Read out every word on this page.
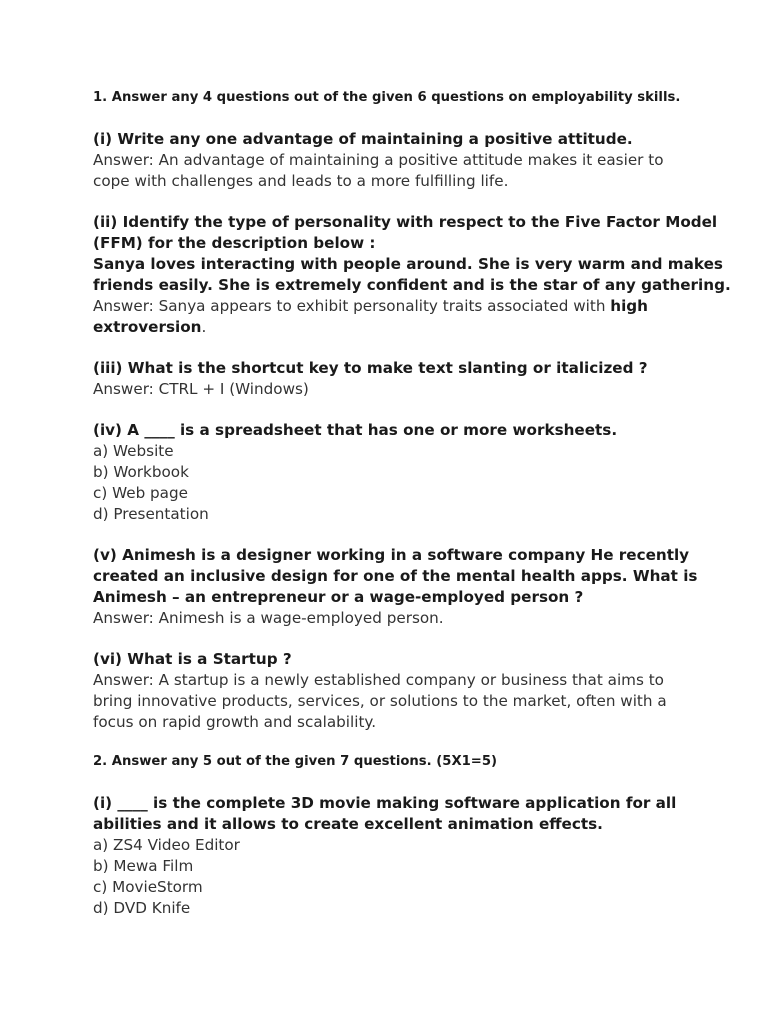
1. Answer any 4 questions out of the given 6 questions on employability skills.
(i) Write any one advantage of maintaining a positive attitude.
Answer: An advantage of maintaining a positive attitude makes it easier to
cope with challenges and leads to a more fulfilling life.
(ii) Identify the type of personality with respect to the Five Factor Model
(FFM) for the description below :
Sanya loves interacting with people around. She is very warm and makes
friends easily. She is extremely confident and is the star of any gathering.
Answer: Sanya appears to exhibit personality traits associated with high
extroversion.
(iii) What is the shortcut key to make text slanting or italicized ?
Answer: CTRL + I (Windows)
(iv) A ____ is a spreadsheet that has one or more worksheets.
a) Website
b) Workbook
c) Web page
d) Presentation
(v) Animesh is a designer working in a software company He recently
created an inclusive design for one of the mental health apps. What is
Animesh – an entrepreneur or a wage-employed person ?
Answer: Animesh is a wage-employed person.
(vi) What is a Startup ?
Answer: A startup is a newly established company or business that aims to
bring innovative products, services, or solutions to the market, often with a
focus on rapid growth and scalability.
2. Answer any 5 out of the given 7 questions. (5X1=5)
(i) ____ is the complete 3D movie making software application for all
abilities and it allows to create excellent animation effects.
a) ZS4 Video Editor
b) Mewa Film
c) MovieStorm
d) DVD Knife
